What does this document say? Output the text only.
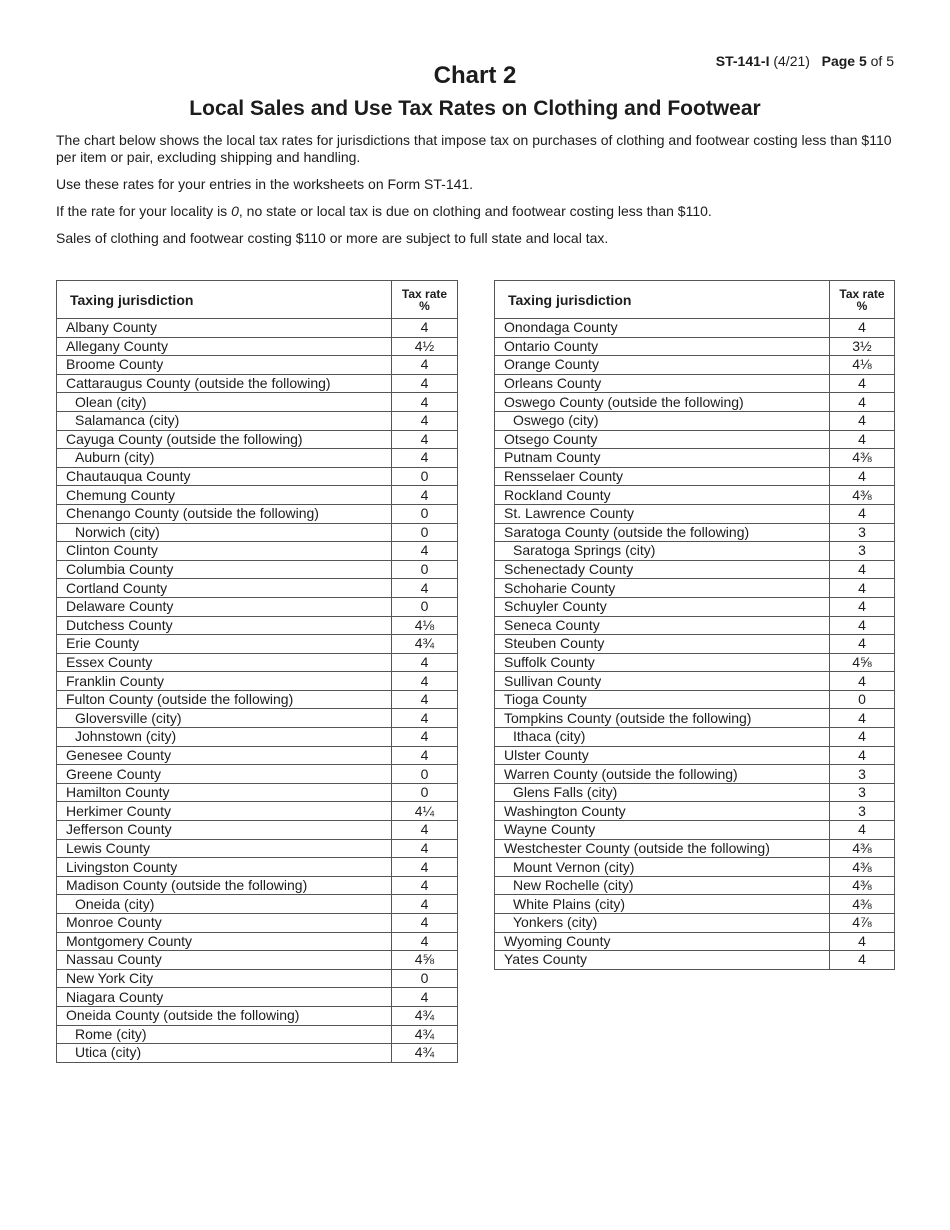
ST-141-I (4/21) Page 5 of 5
Chart 2
Local Sales and Use Tax Rates on Clothing and Footwear

The chart below shows the local tax rates for jurisdictions that impose tax on purchases of clothing and footwear costing less than $110 per item or pair, excluding shipping and handling.

Use these rates for your entries in the worksheets on Form ST-141.

If the rate for your locality is 0, no state or local tax is due on clothing and footwear costing less than $110.

Sales of clothing and footwear costing $110 or more are subject to full state and local tax.

Taxing jurisdiction	Tax rate
%
Albany County	4
Allegany County	4½
Broome County	4
Cattaraugus County (outside the following)	4
Olean (city)	4
Salamanca (city)	4
Cayuga County (outside the following)	4
Auburn (city)	4
Chautauqua County	0
Chemung County	4
Chenango County (outside the following)	0
Norwich (city)	0
Clinton County	4
Columbia County	0
Cortland County	4
Delaware County	0
Dutchess County	4⅛
Erie County	4¾
Essex County	4
Franklin County	4
Fulton County (outside the following)	4
Gloversville (city)	4
Johnstown (city)	4
Genesee County	4
Greene County	0
Hamilton County	0
Herkimer County	4¼
Jefferson County	4
Lewis County	4
Livingston County	4
Madison County (outside the following)	4
Oneida (city)	4
Monroe County	4
Montgomery County	4
Nassau County	4⅝
New York City	0
Niagara County	4
Oneida County (outside the following)	4¾
Rome (city)	4¾
Utica (city)	4¾
Taxing jurisdiction	Tax rate
%
Onondaga County	4
Ontario County	3½
Orange County	4⅛
Orleans County	4
Oswego County (outside the following)	4
Oswego (city)	4
Otsego County	4
Putnam County	4⅜
Rensselaer County	4
Rockland County	4⅜
St. Lawrence County	4
Saratoga County (outside the following)	3
Saratoga Springs (city)	3
Schenectady County	4
Schoharie County	4
Schuyler County	4
Seneca County	4
Steuben County	4
Suffolk County	4⅝
Sullivan County	4
Tioga County	0
Tompkins County (outside the following)	4
Ithaca (city)	4
Ulster County	4
Warren County (outside the following)	3
Glens Falls (city)	3
Washington County	3
Wayne County	4
Westchester County (outside the following)	4⅜
Mount Vernon (city)	4⅜
New Rochelle (city)	4⅜
White Plains (city)	4⅜
Yonkers (city)	4⅞
Wyoming County	4
Yates County	4
